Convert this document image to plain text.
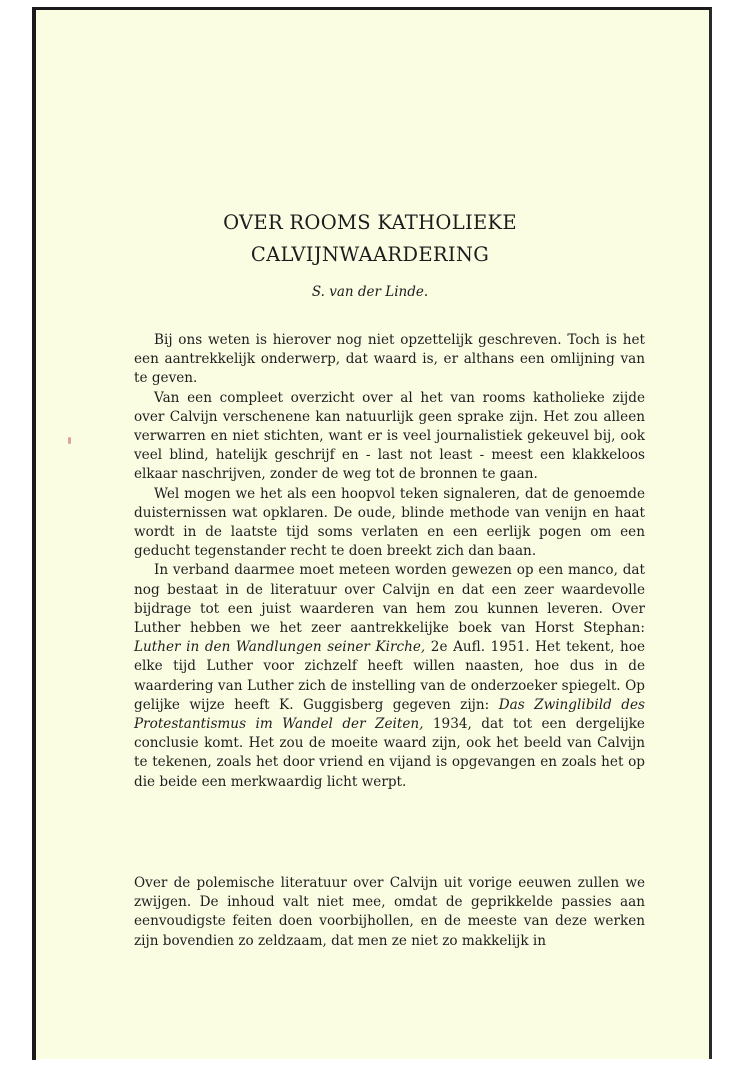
OVER ROOMS KATHOLIEKE
CALVIJNWAARDERING
S. van der Linde.

Bij ons weten is hierover nog niet opzettelijk geschreven. Toch is het een aantrekkelijk onderwerp, dat waard is, er althans een omlijning van te geven.

Van een compleet overzicht over al het van rooms katholieke zijde over Calvijn verschenene kan natuurlijk geen sprake zijn. Het zou alleen verwarren en niet stichten, want er is veel journalistiek gekeuvel bij, ook veel blind, hatelijk geschrijf en - last not least - meest een klakkeloos elkaar naschrijven, zonder de weg tot de bronnen te gaan.

Wel mogen we het als een hoopvol teken signaleren, dat de genoemde duisternissen wat opklaren. De oude, blinde methode van venijn en haat wordt in de laatste tijd soms verlaten en een eerlijk pogen om een geducht tegenstander recht te doen breekt zich dan baan.

In verband daarmee moet meteen worden gewezen op een manco, dat nog bestaat in de literatuur over Calvijn en dat een zeer waardevolle bijdrage tot een juist waarderen van hem zou kunnen leveren. Over Luther hebben we het zeer aantrekkelijke boek van Horst Stephan: Luther in den Wandlungen seiner Kirche, 2e Aufl. 1951. Het tekent, hoe elke tijd Luther voor zichzelf heeft willen naasten, hoe dus in de waardering van Luther zich de instelling van de onderzoeker spiegelt. Op gelijke wijze heeft K. Guggisberg gegeven zijn: Das Zwinglibild des Protestantismus im Wandel der Zeiten, 1934, dat tot een dergelijke conclusie komt. Het zou de moeite waard zijn, ook het beeld van Calvijn te tekenen, zoals het door vriend en vijand is opgevangen en zoals het op die beide een merkwaardig licht werpt.

Over de polemische literatuur over Calvijn uit vorige eeuwen zullen we zwijgen. De inhoud valt niet mee, omdat de geprikkelde passies aan eenvoudigste feiten doen voorbijhollen, en de meeste van deze werken zijn bovendien zo zeldzaam, dat men ze niet zo makkelijk in
